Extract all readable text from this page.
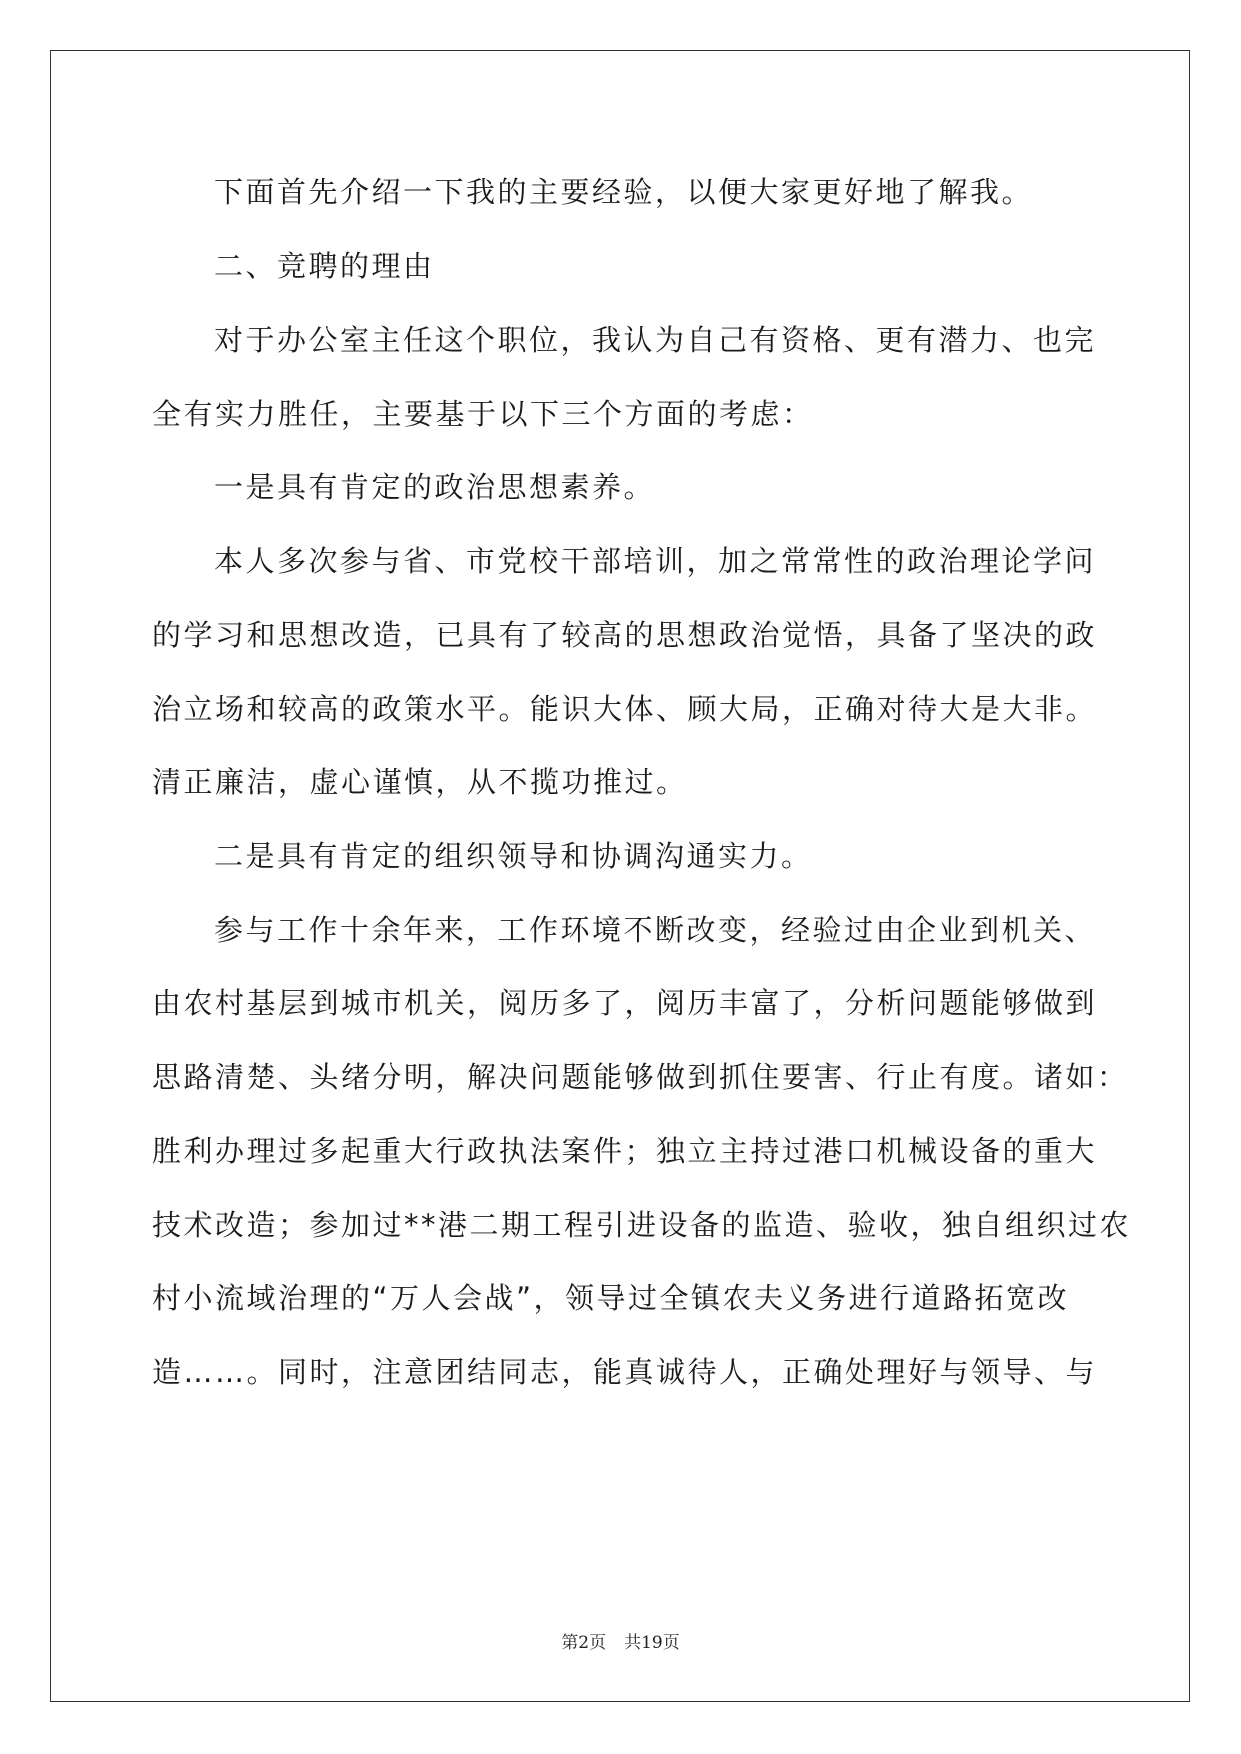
下面首先介绍一下我的主要经验，以便大家更好地了解我。
二、竞聘的理由
对于办公室主任这个职位，我认为自己有资格、更有潜力、也完
全有实力胜任，主要基于以下三个方面的考虑：
一是具有肯定的政治思想素养。
本人多次参与省、市党校干部培训，加之常常性的政治理论学问
的学习和思想改造，已具有了较高的思想政治觉悟，具备了坚决的政
治立场和较高的政策水平。能识大体、顾大局，正确对待大是大非。
清正廉洁，虚心谨慎，从不揽功推过。
二是具有肯定的组织领导和协调沟通实力。
参与工作十余年来，工作环境不断改变，经验过由企业到机关、
由农村基层到城市机关，阅历多了，阅历丰富了，分析问题能够做到
思路清楚、头绪分明，解决问题能够做到抓住要害、行止有度。诸如：
胜利办理过多起重大行政执法案件；独立主持过港口机械设备的重大
技术改造；参加过**港二期工程引进设备的监造、验收，独自组织过农
村小流域治理的“万人会战”，领导过全镇农夫义务进行道路拓宽改
造……。同时，注意团结同志，能真诚待人，正确处理好与领导、与
第2页 共19页
